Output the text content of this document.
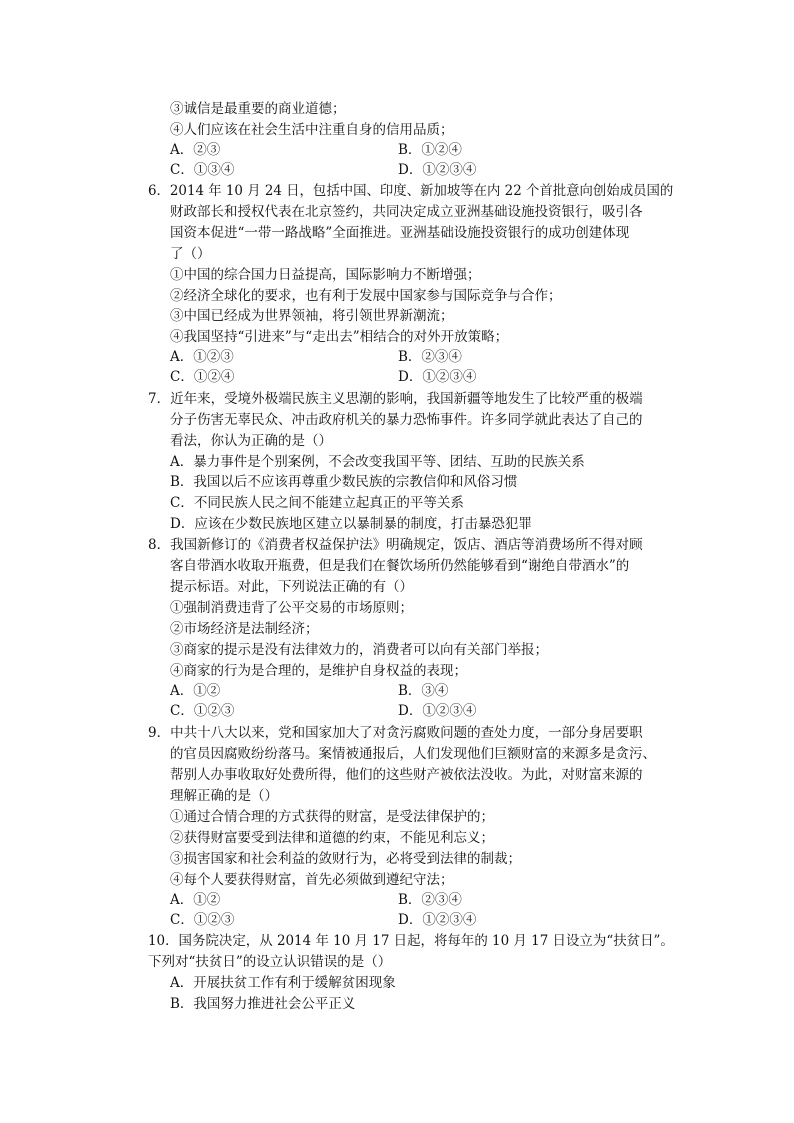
③诚信是最重要的商业道德；
④人们应该在社会生活中注重自身的信用品质；
A．②③	B．①②④
C．①③④	D．①②③④
6．2014 年 10 月 24 日，包括中国、印度、新加坡等在内 22 个首批意向创始成员国的
财政部长和授权代表在北京签约，共同决定成立亚洲基础设施投资银行，吸引各
国资本促进“一带一路战略”全面推进。亚洲基础设施投资银行的成功创建体现
了（）
①中国的综合国力日益提高，国际影响力不断增强；
②经济全球化的要求，也有利于发展中国家参与国际竞争与合作；
③中国已经成为世界领袖，将引领世界新潮流；
④我国坚持“引进来”与“走出去”相结合的对外开放策略；
A．①②③	B．②③④
C．①②④	D．①②③④
7．近年来，受境外极端民族主义思潮的影响，我国新疆等地发生了比较严重的极端
分子伤害无辜民众、冲击政府机关的暴力恐怖事件。许多同学就此表达了自己的
看法，你认为正确的是（）
A．暴力事件是个别案例，不会改变我国平等、团结、互助的民族关系
B．我国以后不应该再尊重少数民族的宗教信仰和风俗习惯
C．不同民族人民之间不能建立起真正的平等关系
D．应该在少数民族地区建立以暴制暴的制度，打击暴恐犯罪
8．我国新修订的《消费者权益保护法》明确规定，饭店、酒店等消费场所不得对顾
客自带酒水收取开瓶费，但是我们在餐饮场所仍然能够看到“谢绝自带酒水”的
提示标语。对此，下列说法正确的有（）
①强制消费违背了公平交易的市场原则；
②市场经济是法制经济；
③商家的提示是没有法律效力的，消费者可以向有关部门举报；
④商家的行为是合理的，是维护自身权益的表现；
A．①②	B．③④
C．①②③	D．①②③④
9．中共十八大以来，党和国家加大了对贪污腐败问题的查处力度，一部分身居要职
的官员因腐败纷纷落马。案情被通报后，人们发现他们巨额财富的来源多是贪污、
帮别人办事收取好处费所得，他们的这些财产被依法没收。为此，对财富来源的
理解正确的是（）
①通过合情合理的方式获得的财富，是受法律保护的；
②获得财富要受到法律和道德的约束，不能见利忘义；
③损害国家和社会利益的敛财行为，必将受到法律的制裁；
④每个人要获得财富，首先必须做到遵纪守法；
A．①②	B．②③④
C．①②③	D．①②③④
10．国务院决定，从 2014 年 10 月 17 日起，将每年的 10 月 17 日设立为“扶贫日”。
下列对“扶贫日”的设立认识错误的是（）
A．开展扶贫工作有利于缓解贫困现象
B．我国努力推进社会公平正义
